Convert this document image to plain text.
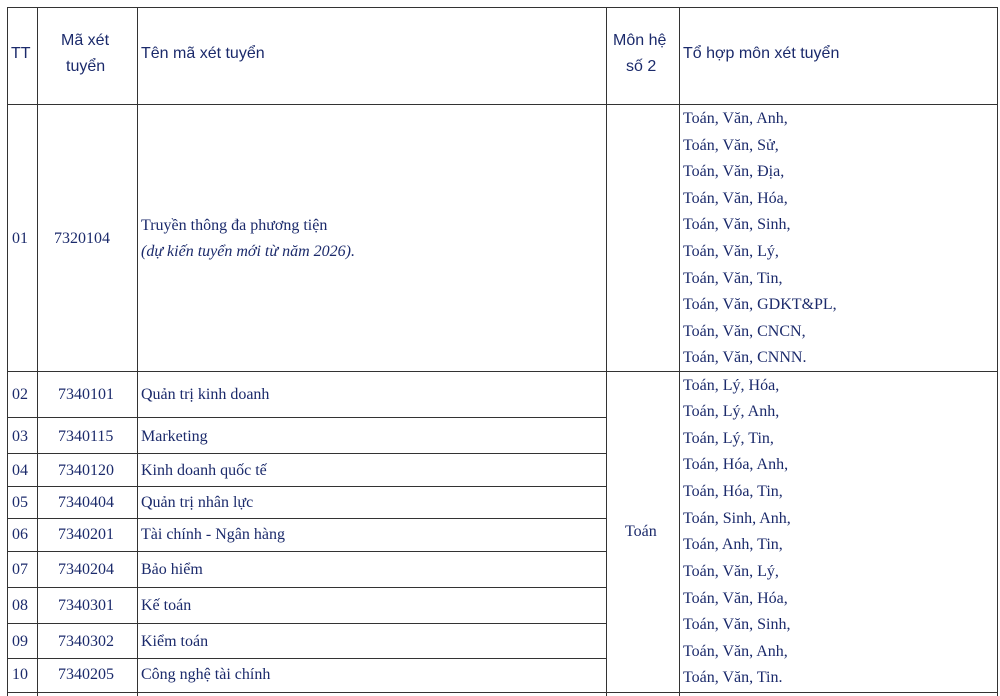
TT
Mã xét
tuyển
Tên mã xét tuyển
Môn hệ
số 2
Tổ hợp môn xét tuyển
01 7320104
Truyền thông đa phương tiện
(dự kiến tuyển mới từ năm 2026).
Toán, Văn, Anh,
Toán, Văn, Sử,
Toán, Văn, Địa,
Toán, Văn, Hóa,
Toán, Văn, Sinh,
Toán, Văn, Lý,
Toán, Văn, Tin,
Toán, Văn, GDKT&PL,
Toán, Văn, CNCN,
Toán, Văn, CNNN.
02 7340101 Quản trị kinh doanh
03 7340115 Marketing
04 7340120 Kinh doanh quốc tế
05 7340404 Quản trị nhân lực
06 7340201 Tài chính - Ngân hàng
07 7340204 Bảo hiểm
08 7340301 Kế toán
09 7340302 Kiểm toán
10 7340205 Công nghệ tài chính
Toán
Toán, Lý, Hóa,
Toán, Lý, Anh,
Toán, Lý, Tin,
Toán, Hóa, Anh,
Toán, Hóa, Tin,
Toán, Sinh, Anh,
Toán, Anh, Tin,
Toán, Văn, Lý,
Toán, Văn, Hóa,
Toán, Văn, Sinh,
Toán, Văn, Anh,
Toán, Văn, Tin.
